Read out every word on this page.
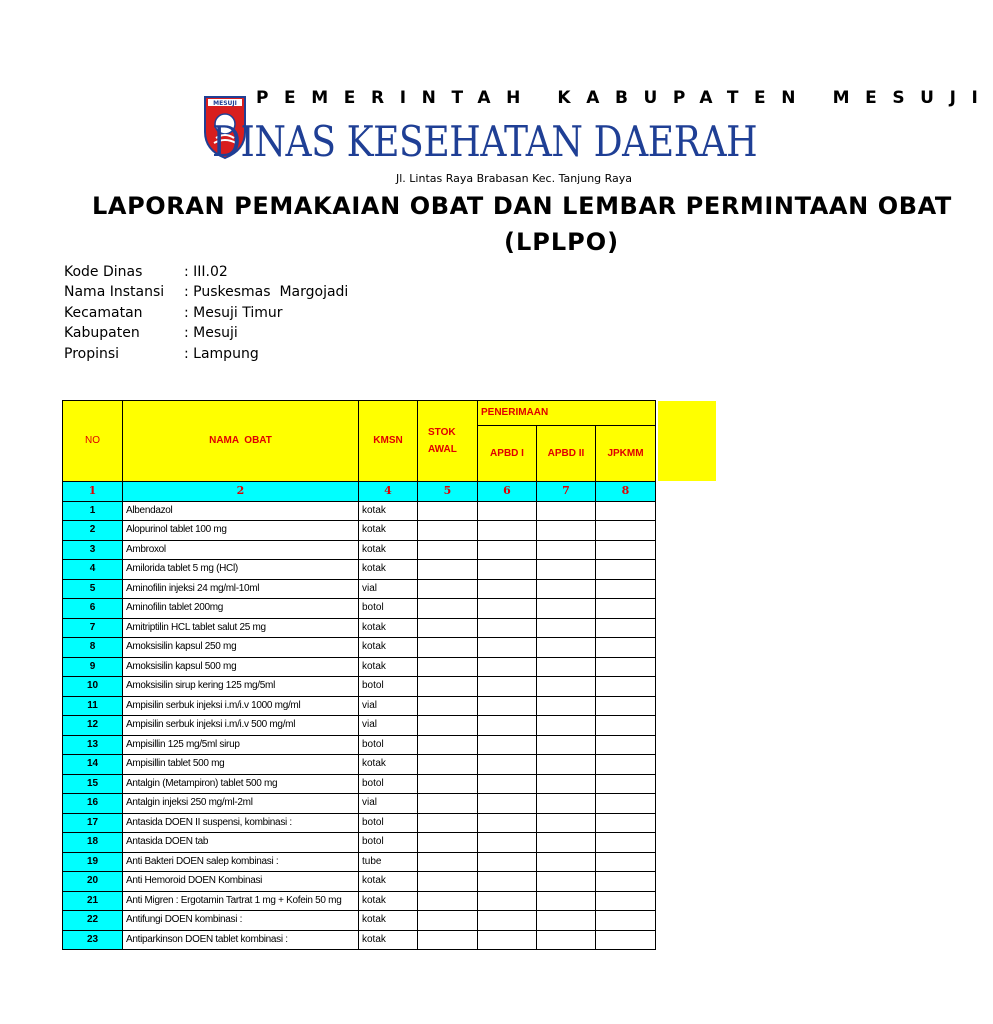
MESUJI PEMERINTAH KABUPATEN MESUJI
DINAS KESEHATAN DAERAH
Jl. Lintas Raya Brabasan Kec. Tanjung Raya
LAPORAN PEMAKAIAN OBAT DAN LEMBAR PERMINTAAN OBAT
(LPLPO)
Kode Dinas	: III.02
Nama Instansi	: Puskesmas  Margojadi
Kecamatan	: Mesuji Timur
Kabupaten	: Mesuji
Propinsi	: Lampung
NO	NAMA  OBAT	KMSN	STOK AWAL	PENERIMAAN		
				APBD I	APBD II	JPKMM
1	2	4	5	6	7	8
1	Albendazol	kotak				
2	Alopurinol tablet 100 mg	kotak				
3	Ambroxol	kotak				
4	Amilorida tablet 5 mg (HCl)	kotak				
5	Aminofilin injeksi 24 mg/ml-10ml	vial				
6	Aminofilin tablet 200mg	botol				
7	Amitriptilin HCL tablet salut 25 mg	kotak				
8	Amoksisilin kapsul 250 mg	kotak				
9	Amoksisilin kapsul 500 mg	kotak				
10	Amoksisilin sirup kering 125 mg/5ml	botol				
11	Ampisilin serbuk injeksi i.m/i.v 1000 mg/ml	vial				
12	Ampisilin serbuk injeksi i.m/i.v 500 mg/ml	vial				
13	Ampisillin 125 mg/5ml sirup	botol				
14	Ampisillin tablet 500 mg	kotak				
15	Antalgin (Metampiron) tablet 500 mg	botol				
16	Antalgin injeksi 250 mg/ml-2ml	vial				
17	Antasida DOEN II suspensi, kombinasi :	botol				
18	Antasida DOEN tab	botol				
19	Anti Bakteri DOEN salep kombinasi :	tube				
20	Anti Hemoroid DOEN Kombinasi	kotak				
21	Anti Migren : Ergotamin Tartrat 1 mg + Kofein 50 mg	kotak				
22	Antifungi DOEN kombinasi :	kotak				
23	Antiparkinson DOEN tablet kombinasi :	kotak				
